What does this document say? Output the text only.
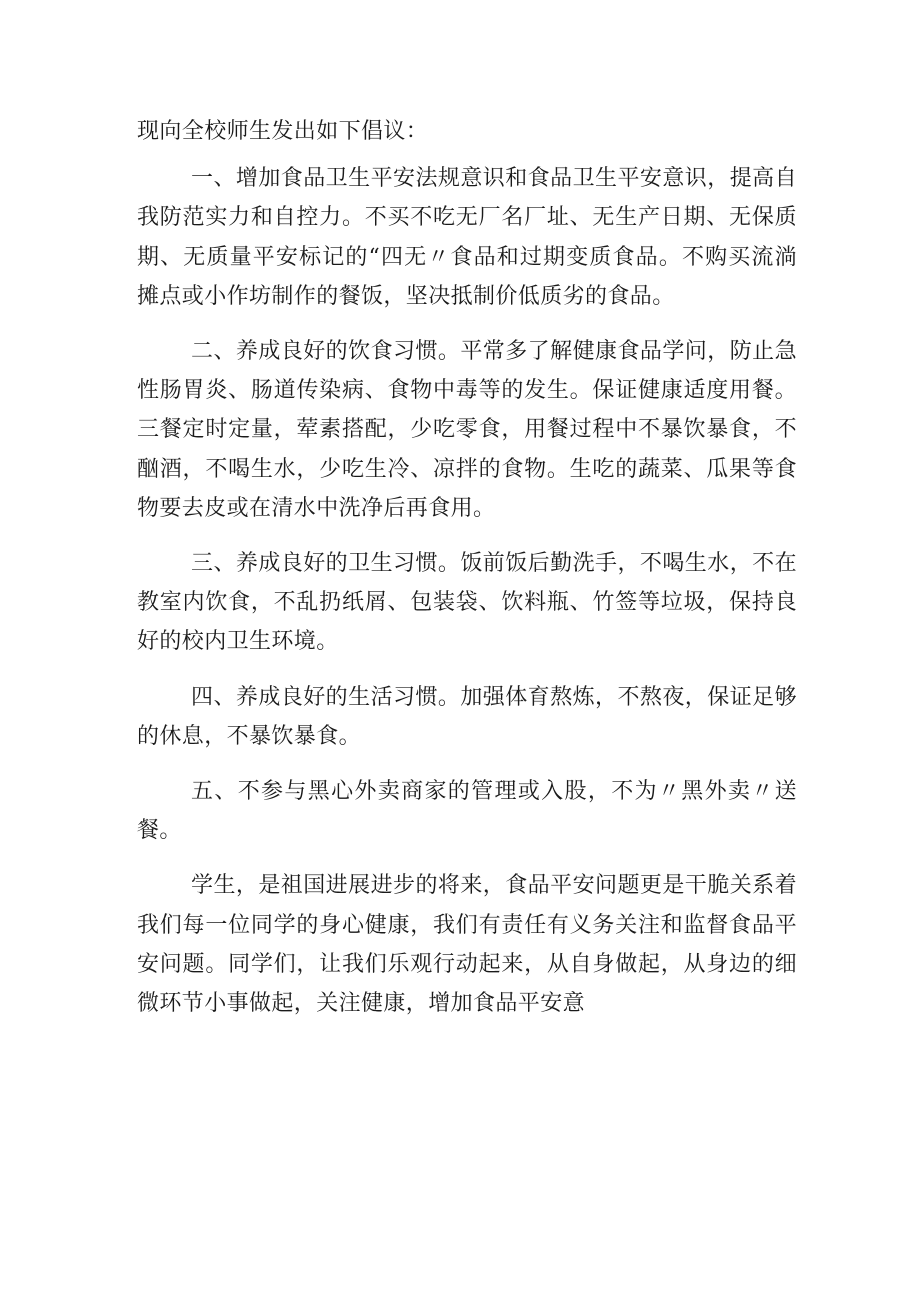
现向全校师生发出如下倡议：

一、增加食品卫生平安法规意识和食品卫生平安意识，提高自我防范实力和自控力。不买不吃无厂名厂址、无生产日期、无保质期、无质量平安标记的“四无〃食品和过期变质食品。不购买流淌摊点或小作坊制作的餐饭，坚决抵制价低质劣的食品。

二、养成良好的饮食习惯。平常多了解健康食品学问，防止急性肠胃炎、肠道传染病、食物中毒等的发生。保证健康适度用餐。三餐定时定量，荤素搭配，少吃零食，用餐过程中不暴饮暴食，不酗酒，不喝生水，少吃生冷、凉拌的食物。生吃的蔬菜、瓜果等食物要去皮或在清水中洗净后再食用。

三、养成良好的卫生习惯。饭前饭后勤洗手，不喝生水，不在教室内饮食，不乱扔纸屑、包装袋、饮料瓶、竹签等垃圾，保持良好的校内卫生环境。

四、养成良好的生活习惯。加强体育熬炼，不熬夜，保证足够的休息，不暴饮暴食。

五、不参与黑心外卖商家的管理或入股，不为〃黑外卖〃送餐。

学生，是祖国进展进步的将来，食品平安问题更是干脆关系着我们每一位同学的身心健康，我们有责任有义务关注和监督食品平安问题。同学们，让我们乐观行动起来，从自身做起，从身边的细微环节小事做起，关注健康，增加食品平安意
